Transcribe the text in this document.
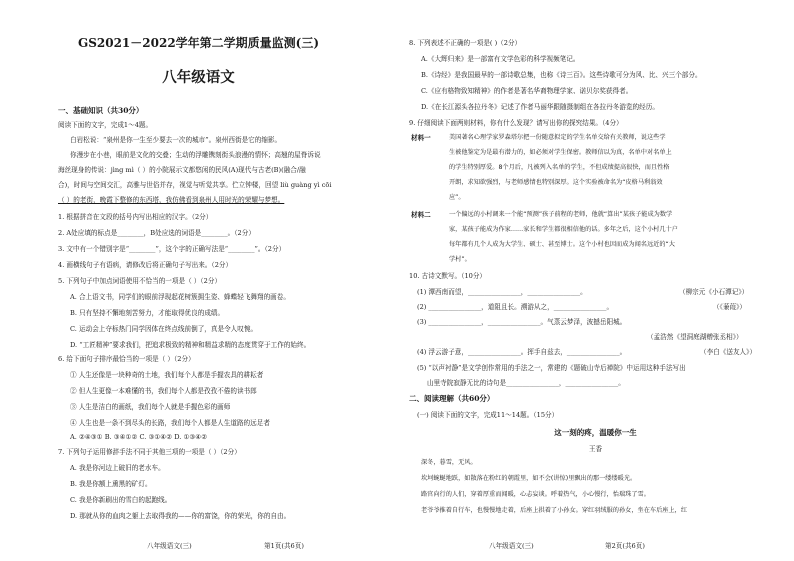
GS2021－2022学年第二学期质量监测(三)
八年级语文
一、基础知识（共30分）
阅读下面的文字，完成1～4题。
白岩松说：“泉州是你一生至少要去一次的城市”。泉州西街是它的缩影。
你漫步在小巷，眼前是文化的交叠；生动的浮雕镌刻街头浪漫的情怀；高翘的屋脊诉说
海丝现身的传说：jìng mì（ ）的小院展示文都悠闲的民风(A)现代与古老(B)(融合/融
合)，时间与空间交汇，高雅与世俗并存，视觉与听觉共享。伫立钟楼，回望 liù guàng yì cōi
（ ）的老街，晚霞下整修的东西塔，我仿佛看到泉州人用时光的荣耀与梦想。
1. 根据拼音在文段的括号内写出相应的汉字。（2分）
2. A处应填的标点是________，B处应选的词语是________。（2分）
3. 文中有一个错别字是“________”，这个字的正确写法是“________”。（2分）
4. 画横线句子有语病，请修改后将正确句子写出来。（2分）
5. 下列句子中加点词语使用不恰当的一项是（ ）（2分）
A. 合上语文书，同学们的眼前浮现起花树簇拥生姿、蜂蝶轻飞舞翔的画卷。
B. 只有坚持不懈地刻苦努力，才能取得优良的成绩。
C. 运动会上夺标热门同学因体在终点线前倒了，真是令人叹惋。
D. “工匠精神”要求我们，把追求极致的精神和精益求精的态度贯穿于工作的始终。
6. 给下面句子排序最恰当的一项是（ ）（2分）
① 人生还像是一块种奇的土地，我们每个人都是手握农具的耕耘者
② 但人生更像一本难懂的书，我们每个人都是孜孜不倦的读书郎
③ 人生是洁白的画纸，我们每个人就是手握色彩的画师
④ 人生也是一条不到尽头的长路，我们每个人都是人生道路的远足者
A. ②④③① B. ③④①② C. ③①④② D. ①③④②
7. 下列句子运用修辞手法不同于其他三项的一项是（ ）（2分）
A. 我是你河边上破旧的老水车。
B. 我是你额上熏黑的矿灯。
C. 我是你新刷出的雪白的起跑线。
D. 那就从你的血肉之躯上去取得我的——你的富饶，你的荣光，你的自由。
八年级语文(三)	第1页(共6页)
8. 下列表述不正确的一项是( )（2分）
A.《大辉归来》是一部富有文学色彩的科学视频笔记。
B.《诗经》是我国最早的一部诗歌总集，也称《诗三百》。这些诗歌可分为风、比、兴三个部分。
C.《应有格物致知精神》的作者是著名华裔物理学家、诺贝尔奖获得者。
D.《在长江源头各拉丹冬》记述了作者马丽华跟随摄制组在各拉丹冬游览的经历。
9. 仔细阅读下面两则材料，你有什么发现？请写出你的探究结果。（4分）
材料一	美国著名心理学家罗森塔尔把一份随意拟定的学生名单交给有关教师，说这些学
生被他鉴定为是最有潜力的，如必须对学生保密。教师信以为真，名单中对名单上
的学生特别厚爱。8个月后，凡被列入名单的学生，不但成绩提高很快，而且性格
开朗，求知欲强烈，与老师感情也特别深厚。这个实验被命名为“皮格马利翁效
应”。
材料二	一个偏远的小村调来一个能“预测”孩子前程的老师，他就“算出”某孩子能成为数学
家，某孩子能成为作家……家长和学生都很相信他的话。多年之后，这个小村几十户
每年都有几个人成为大学生、硕士、甚至博士。这个小村也因而成为闻名远近的“大
学村”。
10. 古诗文默写。（10分）
(1) 潭西南而望，________________，________________。	（柳宗元《小石潭记》）
(2) ________________，道阻且长。溯游从之，________________。	（《蒹葭》）
(3) ________________，________________。气蒸云梦泽，波撼岳阳城。
（孟浩然《望洞庭湖赠张丞相》）
(4) 浮云游子意，________________。挥手自兹去，________________。	（李白《送友人》）
(5) “以声衬静”是文学创作常用的手法之一，常建的《题破山寺后禅院》中运用这种手法写出
山里寺院寂静无比的诗句是________________，________________。
二、阅读理解（共60分）
(一) 阅读下面的文字，完成11～14题。（15分）
这一刻的疼，温暖你一生
王香
深冬，暮雪，无风。
坎坷蜿蜒地跃，如散落在粉红的朝霞里，如不会(讲惊)里飘出的那一缕缕暖光。
路官向行的人们，穿着厚重而闻暖，心忐妄谈。呼着热气，小心慢行，怡瑞珠了雪。
老爷爷推着自行车，也慢慢地走着，后座上拱着了小孙女。穿红羽绒服的孙女，坐在车后座上，红
八年级语文(三)	第2页(共6页)
